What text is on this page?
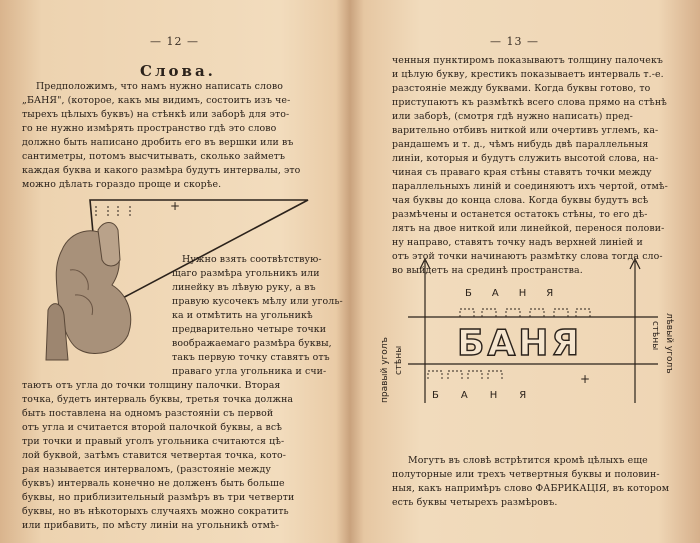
— 12 —
Слова.
Предположимъ, что намъ нужно написать слово
„БАНЯ", (которое, какъ мы видимъ, состоитъ изъ че-
тырехъ цѣлыхъ буквъ) на стѣнкѣ или заборѣ для это-
го не нужно измѣрять пространство гдѣ это слово
должно быть написано дробить его въ вершки или въ
сантиметры, потомъ высчитывать, сколько займетъ
каждая буква и какого размѣра будутъ интервалы, это
можно дѣлать гораздо проще и скорѣе.
+
Нужно взять соотвѣтствую-
щаго размѣра угольникъ или
линейку въ лѣвую руку, а въ
правую кусочекъ мѣлу или уголь-
ка и отмѣтить на угольникѣ
предварительно четыре точки
воображаемаго размѣра буквы,
такъ первую точку ставятъ отъ
праваго угла угольника и счи-
таютъ отъ угла до точки толщину палочки. Вторая
точка, будетъ интерваль буквы, третья точка должна
быть поставлена на одномъ разстояніи съ первой
отъ угла и считается второй палочкой буквы, а всѣ
три точки и правый уголъ угольника считаются цѣ-
лой буквой, затѣмъ ставится четвертая точка, кото-
рая называется интерваломъ, (разстояніе между
буквъ) интерваль конечно не долженъ быть больше
буквы, но приблизительный размѣръ въ три четверти
буквы, но въ нѣкоторыхъ случаяхъ можно сократить
или прибавить, по мѣсту линіи на угольникѣ отмѣ-
— 13 —
ченныя пунктиромъ показываютъ толщину палочекъ
и цѣлую букву, крестикъ показываетъ интерваль т.-е.
разстояніе между буквами. Когда буквы готово, то
приступаютъ къ размѣткѣ всего слова прямо на стѣнѣ
или заборѣ, (смотря гдѣ нужно написать) пред-
варительно отбивъ ниткой или очертивъ углемъ, ка-
рандашемъ и т. д., чѣмъ нибудь двѣ параллельныя
линіи, которыя и будутъ служить высотой слова, на-
чиная съ праваго края стѣны ставятъ точки между
параллельныхъ линій и соединяютъ ихъ чертой, отмѣ-
чая буквы до конца слова. Когда буквы будутъ всѣ
размѣчены и останется остатокъ стѣны, то его дѣ-
лятъ на двое ниткой или линейкой, перенося полови-
ну направо, ставятъ точку надъ верхней линіей и
отъ этой точки начинаютъ размѣтку слова тогда сло-
во выйдетъ на срединѣ пространства.
БАНЯ
БАНЯ
БАНЯ
+
правый уголъ стѣны	лѣвый уголъ
стѣны
Могутъ въ словѣ встрѣтится кромѣ цѣлыхъ еще
полуторные или трехъ четвертныя буквы и половин-
ныя, какъ напримѣръ слово ФАБРИКАЦІЯ, въ котором
есть буквы четырехъ размѣровъ.
